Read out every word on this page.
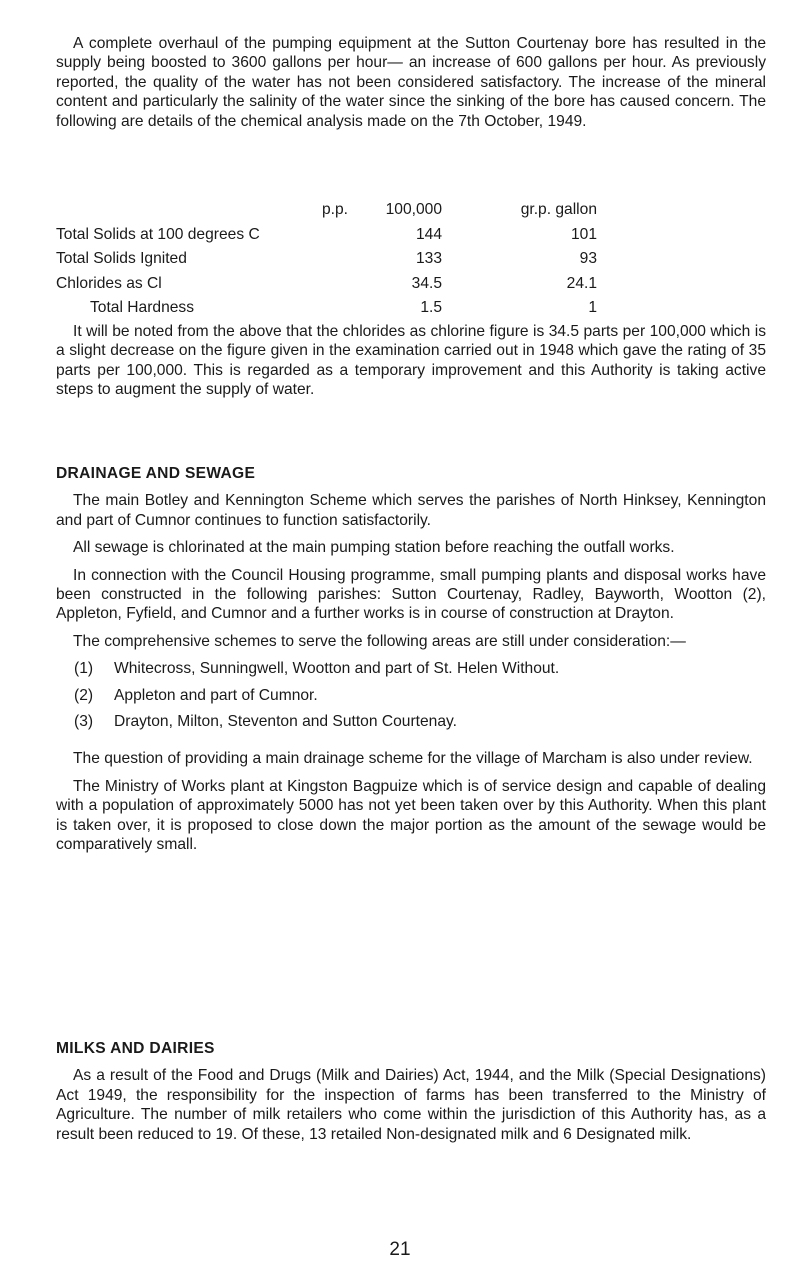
A complete overhaul of the pumping equipment at the Sutton Courtenay bore has resulted in the supply being boosted to 3600 gallons per hour— an increase of 600 gallons per hour. As previously reported, the quality of the water has not been considered satisfactory. The increase of the mineral content and particularly the salinity of the water since the sinking of the bore has caused concern. The following are details of the chemical analysis made on the 7th October, 1949.

p.p.	100,000	gr.p. gallon
Total Solids at 100 degrees C	144	101
Total Solids Ignited	133	93
Chlorides as Cl	34.5	24.1
Total Hardness	1.5	1

It will be noted from the above that the chlorides as chlorine figure is 34.5 parts per 100,000 which is a slight decrease on the figure given in the examination carried out in 1948 which gave the rating of 35 parts per 100,000. This is regarded as a temporary improvement and this Authority is taking active steps to augment the supply of water.

DRAINAGE AND SEWAGE

The main Botley and Kennington Scheme which serves the parishes of North Hinksey, Kennington and part of Cumnor continues to function satisfactorily.

All sewage is chlorinated at the main pumping station before reaching the outfall works.

In connection with the Council Housing programme, small pumping plants and disposal works have been constructed in the following parishes: Sutton Courtenay, Radley, Bayworth, Wootton (2), Appleton, Fyfield, and Cumnor and a further works is in course of construction at Drayton.

The comprehensive schemes to serve the following areas are still under consideration:—

(1)	Whitecross, Sunningwell, Wootton and part of St. Helen Without.
(2)	Appleton and part of Cumnor.
(3)	Drayton, Milton, Steventon and Sutton Courtenay.

The question of providing a main drainage scheme for the village of Marcham is also under review.

The Ministry of Works plant at Kingston Bagpuize which is of service design and capable of dealing with a population of approximately 5000 has not yet been taken over by this Authority. When this plant is taken over, it is proposed to close down the major portion as the amount of the sewage would be comparatively small.

MILKS AND DAIRIES

As a result of the Food and Drugs (Milk and Dairies) Act, 1944, and the Milk (Special Designations) Act 1949, the responsibility for the inspection of farms has been transferred to the Ministry of Agriculture. The number of milk retailers who come within the jurisdiction of this Authority has, as a result been reduced to 19. Of these, 13 retailed Non-designated milk and 6 Designated milk.

21
